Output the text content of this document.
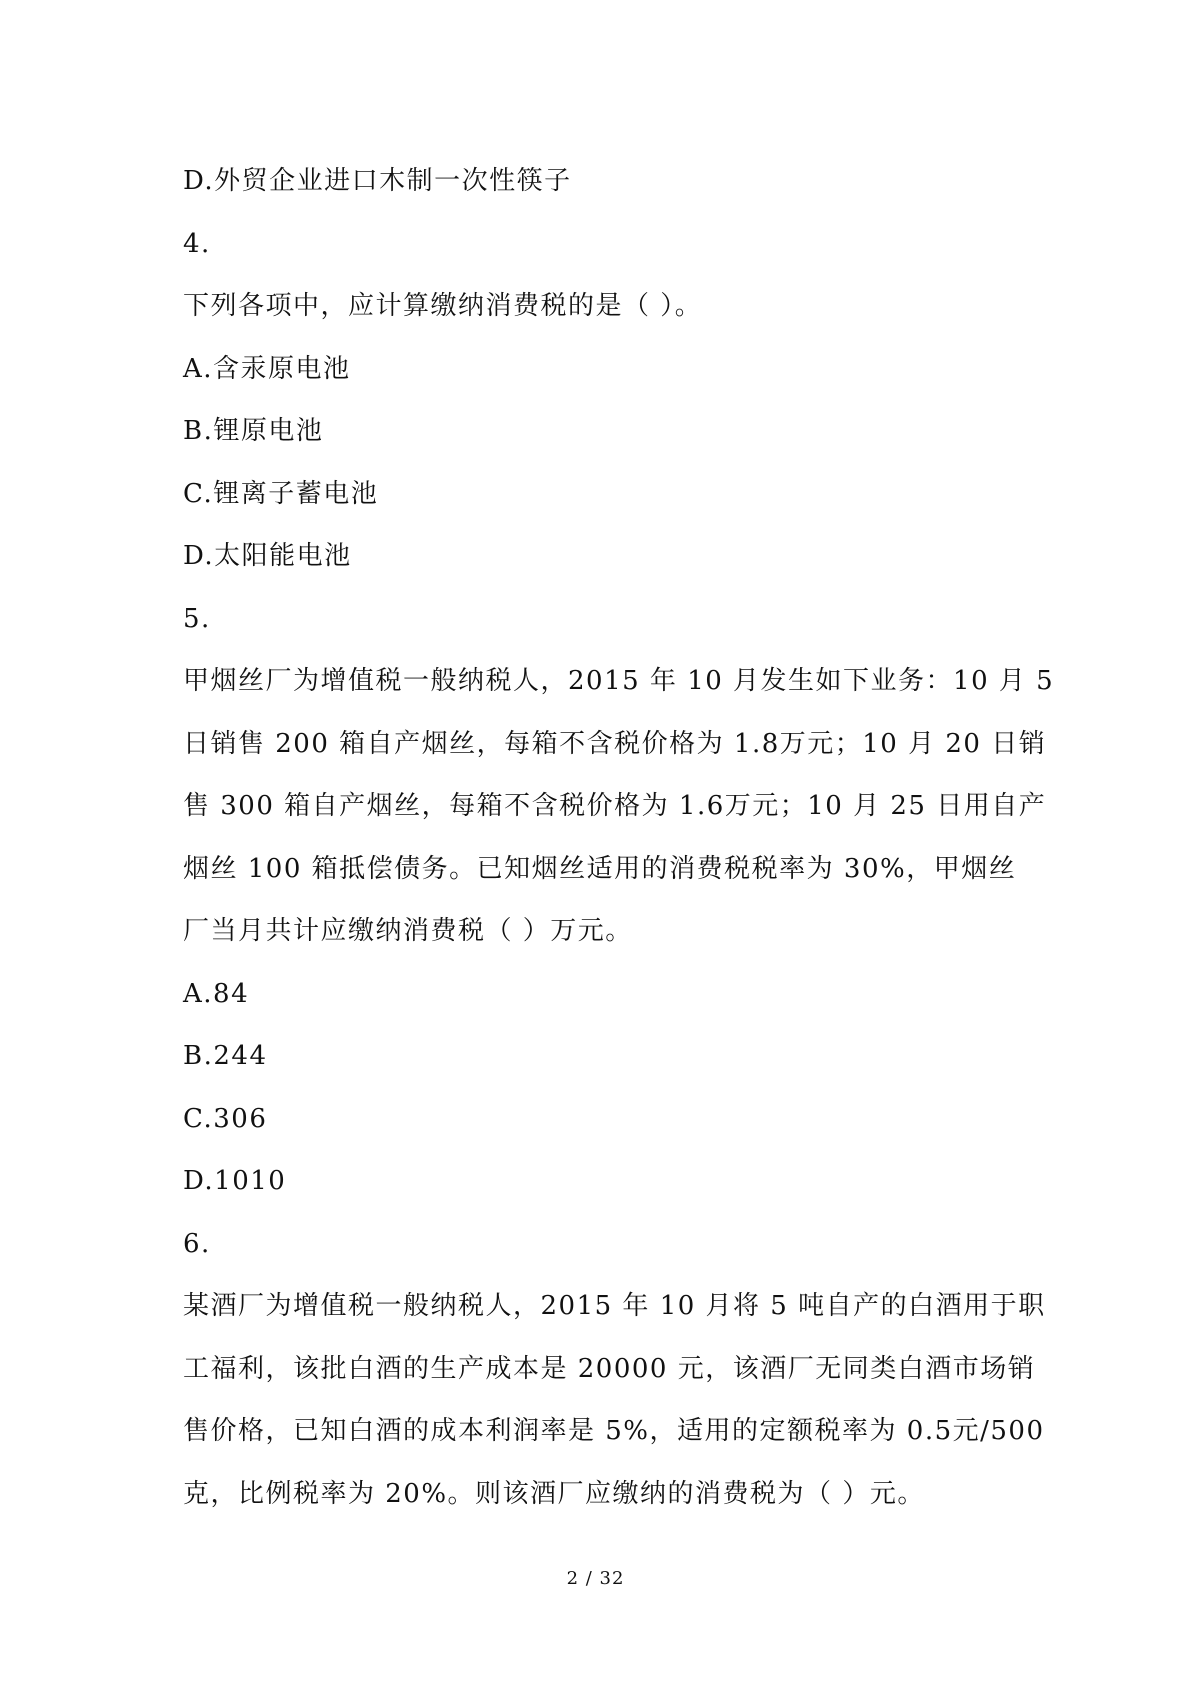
D.外贸企业进口木制一次性筷子
4.
下列各项中，应计算缴纳消费税的是（ ）。
A.含汞原电池
B.锂原电池
C.锂离子蓄电池
D.太阳能电池
5.
甲烟丝厂为增值税一般纳税人，2015 年 10 月发生如下业务：10 月 5
日销售 200 箱自产烟丝，每箱不含税价格为 1.8万元；10 月 20 日销
售 300 箱自产烟丝，每箱不含税价格为 1.6万元；10 月 25 日用自产
烟丝 100 箱抵偿债务。已知烟丝适用的消费税税率为 30%，甲烟丝
厂当月共计应缴纳消费税（ ）万元。
A.84
B.244
C.306
D.1010
6.
某酒厂为增值税一般纳税人，2015 年 10 月将 5 吨自产的白酒用于职
工福利，该批白酒的生产成本是 20000 元，该酒厂无同类白酒市场销
售价格，已知白酒的成本利润率是 5%，适用的定额税率为 0.5元/500
克，比例税率为 20%。则该酒厂应缴纳的消费税为（ ）元。
2 / 32
